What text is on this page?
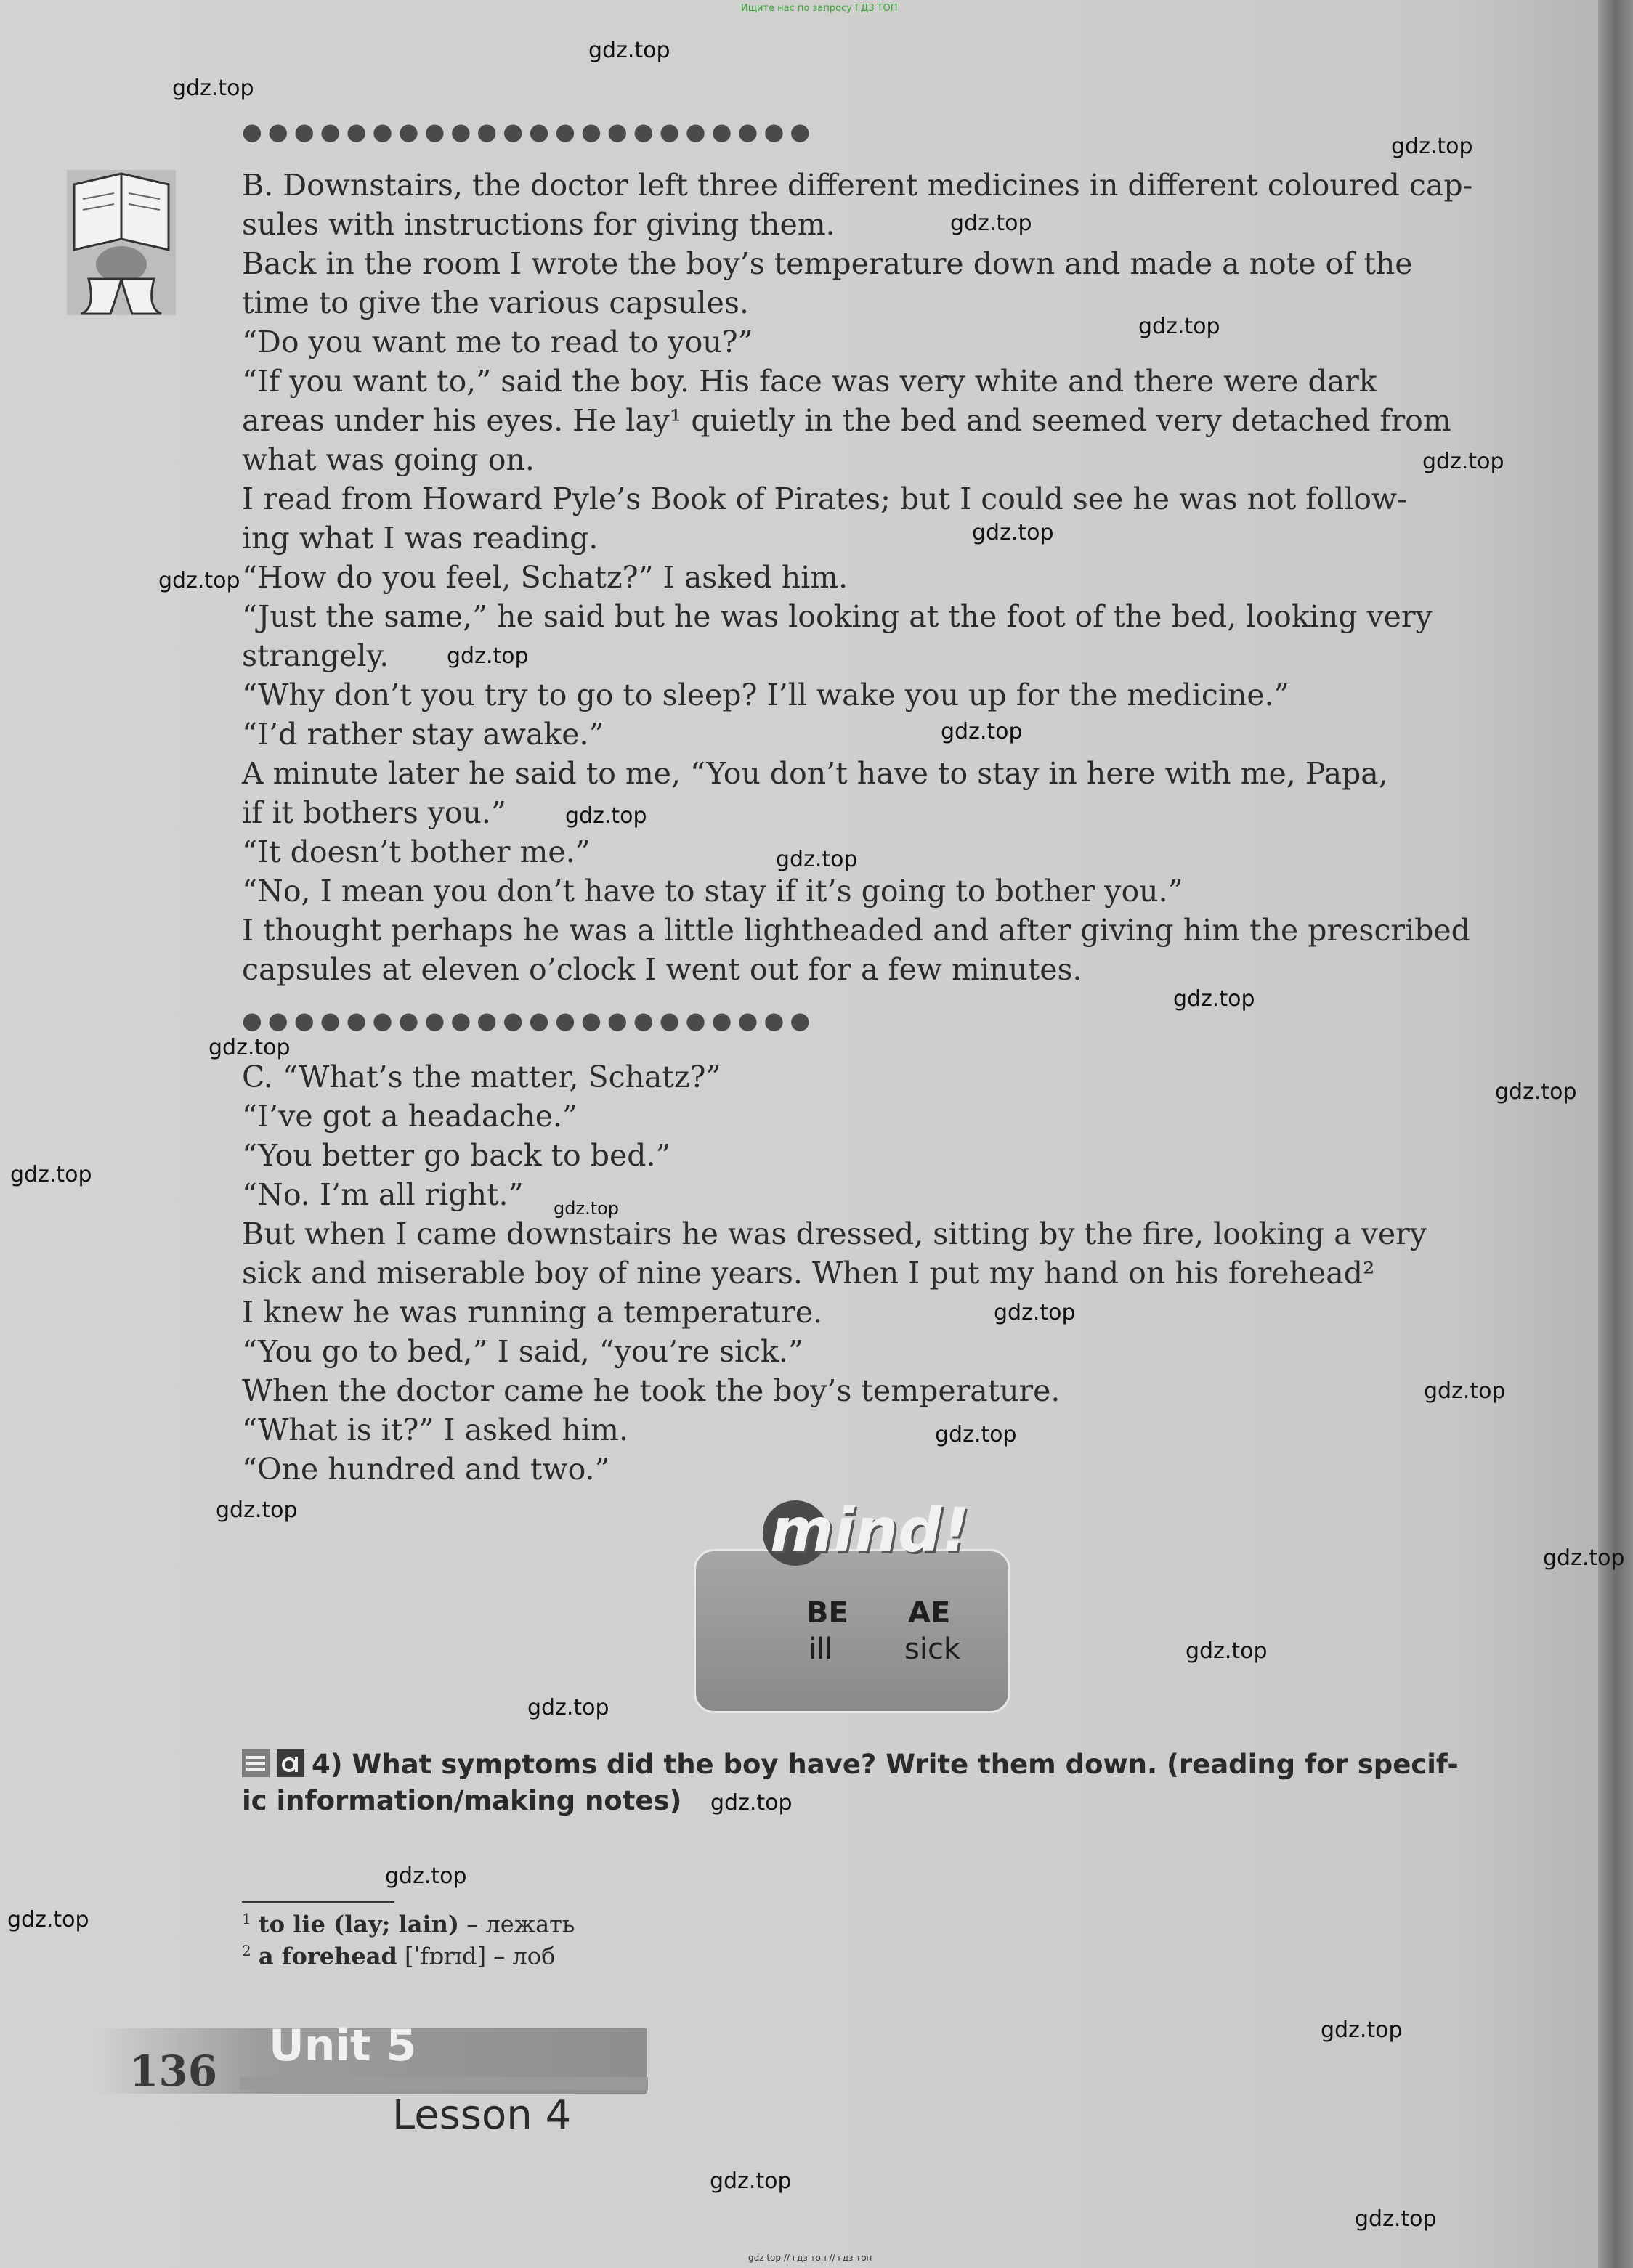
Ищите нас по запросу ГДЗ ТОП
●●●●●●●●●●●●●●●●●●●●●●

B. Downstairs, the doctor left three different medicines in different coloured cap-

sules with instructions for giving them.

Back in the room I wrote the boy’s temperature down and made a note of the

time to give the various capsules.

“Do you want me to read to you?”

“If you want to,” said the boy. His face was very white and there were dark

areas under his eyes. He lay¹ quietly in the bed and seemed very detached from

what was going on.

I read from Howard Pyle’s Book of Pirates; but I could see he was not follow-

ing what I was reading.

“How do you feel, Schatz?” I asked him.

“Just the same,” he said but he was looking at the foot of the bed, looking very

strangely.

“Why don’t you try to go to sleep? I’ll wake you up for the medicine.”

“I’d rather stay awake.”

A minute later he said to me, “You don’t have to stay in here with me, Papa,

if it bothers you.”

“It doesn’t bother me.”

“No, I mean you don’t have to stay if it’s going to bother you.”

I thought perhaps he was a little lightheaded and after giving him the prescribed

capsules at eleven o’clock I went out for a few minutes.

●●●●●●●●●●●●●●●●●●●●●●

C. “What’s the matter, Schatz?”

“I’ve got a headache.”

“You better go back to bed.”

“No. I’m all right.”

But when I came downstairs he was dressed, sitting by the fire, looking a very

sick and miserable boy of nine years. When I put my hand on his forehead²

I knew he was running a temperature.

“You go to bed,” I said, “you’re sick.”

When the doctor came he took the boy’s temperature.

“What is it?” I asked him.

“One hundred and two.”

mind!
BE
ill
AE
sick
4) What symptoms did the boy have? Write them down. (reading for specif-
ic information/making notes)
$^1$ to lie (lay; lain) – лежать
$^2$ a forehead [ˈfɒrɪd] – лоб
136 Unit 5
Lesson 4
gdz.top
gdz.top
gdz.top
gdz.top
gdz.top
gdz.top
gdz.top
gdz.top
gdz.top
gdz.top
gdz.top
gdz.top
gdz.top
gdz.top
gdz.top
gdz.top
gdz.top
gdz.top
gdz.top
gdz.top
gdz.top
gdz.top
gdz.top
gdz.top
gdz.top
gdz.top
gdz.top
gdz.top
gdz.top
gdz.top
gdz top // гдз топ // гдз топ
